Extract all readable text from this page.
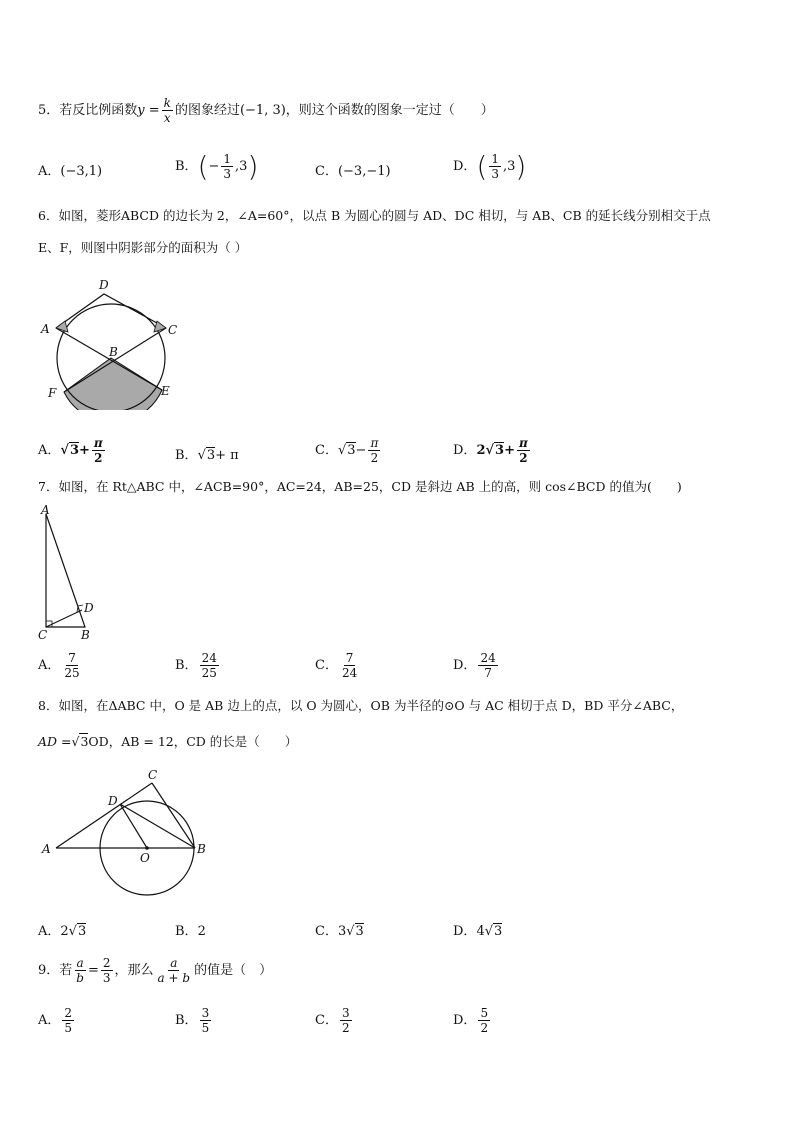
5．若反比例函数$y = \frac{k}{x}$ 的图象经过(−1, 3)，则这个函数的图象一定过（　　）
A．(−3,1)	B．(− $\frac{1}{3} ,3$)	C．(−3,−1)	D．( $\frac{1}{3} ,3$)
6．如图，菱形ABCD 的边长为 2，∠A=60°，以点 B 为圆心的圆与 AD、DC 相切，与 AB、CB 的延长线分别相交于点
E、F，则图中阴影部分的面积为（ ）
D
A	C
B
F	E
A．$√3+ \frac{\pi}{2}$	B．√3+ π	C．$√3- \frac{\pi}{2}$	D．$2√3+ \frac{\pi}{2}$
7．如图，在 Rt△ABC 中，∠ACB=90°，AC=24，AB=25，CD 是斜边 AB 上的高，则 cos∠BCD 的值为(　　)
A
D
C	B
A． $\frac{7}{25}$	B． $\frac{24}{25}$	C． $\frac{7}{24}$	D． $\frac{24}{7}$
8．如图，在ΔABC 中，O 是 AB 边上的点，以 O 为圆心，OB 为半径的⊙O 与 AC 相切于点 D，BD 平分∠ABC，
AD =√3OD，AB = 12，CD 的长是（　　）
C
D
A
O
B
A．2√3	B．2	C．3√3	D．4√3
9．若 $\frac{a}{b} = \frac{2}{3}$ ，那么 $\frac{a}{a + b}$ 的值是（　）
A． $\frac{2}{5}$	B． $\frac{3}{5}$	C． $\frac{3}{2}$	D． $\frac{5}{2}$
